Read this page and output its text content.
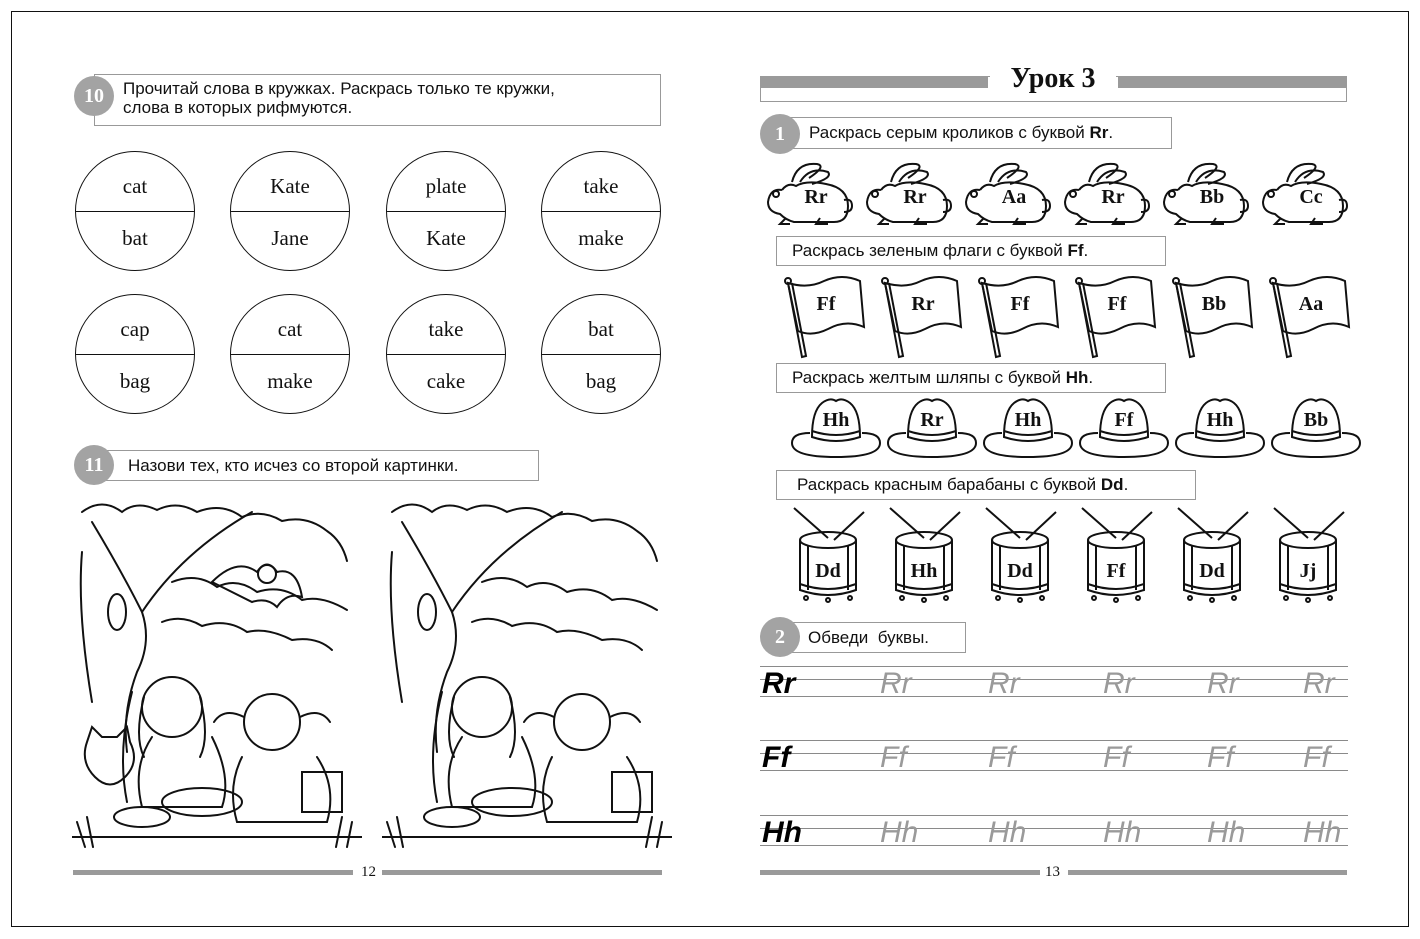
Прочитай слова в кружках. Раскрась только те кружки,
слова в которых рифмуются.
10
cat
bat
Kate
Jane
plate
Kate
take
make
cap
bag
cat
make
take
cake
bat
bag
Назови тех, кто исчез со второй картинки.
11
12
Урок 3
Раскрась серым кроликов с буквой Rr.
1
Rr	Rr	Aa	Rr	Bb	Cc
Раскрась зеленым флаги с буквой Ff.
Ff	Rr	Ff	Ff	Bb	Aa
Раскрась желтым шляпы с буквой Hh.
Hh	Rr	Hh	Ff	Hh	Bb
Раскрась красным барабаны с буквой Dd.
Dd	Hh	Dd	Ff	Dd	Jj
Обведи  буквы.
2
Rr	Rr	Rr	Rr Rr Rr
Ff	Ff	Ff	Ff	Ff Ff
Hh	Hh Hh	Hh Hh Hh
13
